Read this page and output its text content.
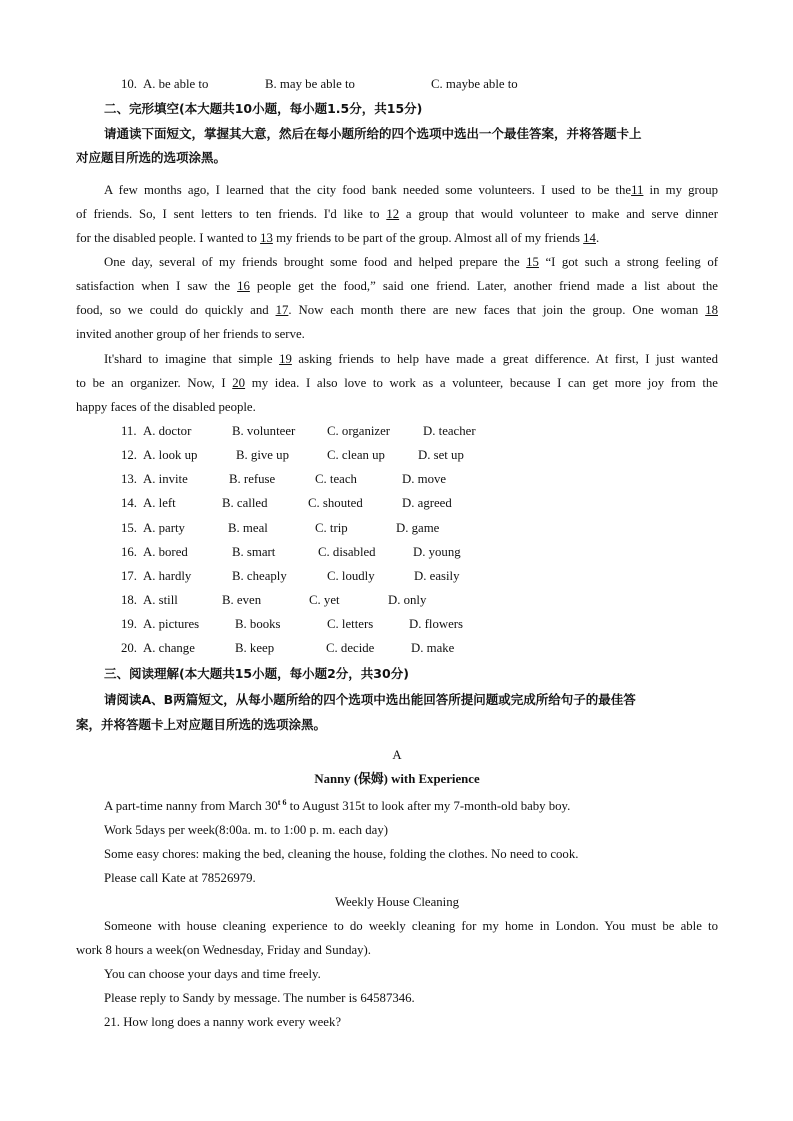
10. A. be able to	B. may be able to	C. maybe able to
二、完形填空(本大题共10小题，每小题1.5分，共15分)
请通读下面短文，掌握其大意，然后在每小题所给的四个选项中选出一个最佳答案，并将答题卡上
对应题目所选的选项涂黑。
A few months ago, I learned that the city food bank needed some volunteers. I used to be the11 in my group
of friends. So, I sent letters to ten friends. I'd like to 12 a group that would volunteer to make and serve dinner
for the disabled people. I wanted to 13 my friends to be part of the group. Almost all of my friends 14.
One day, several of my friends brought some food and helped prepare the 15 “I got such a strong feeling of
satisfaction when I saw the 16 people get the food,” said one friend. Later, another friend made a list about the
food, so we could do quickly and 17. Now each month there are new faces that join the group. One woman 18
invited another group of her friends to serve.
It'shard to imagine that simple 19 asking friends to help have made a great difference. At first, I just wanted
to be an organizer. Now, I 20 my idea. I also love to work as a volunteer, because I can get more joy from the
happy faces of the disabled people.
11. A. doctor	B. volunteer C. organizer	D. teacher
12. A. look up	B. give up	C. clean up	D. set up
13. A. invite	B. refuse	C. teach	D. move
14. A. left	B. called	C. shouted	D. agreed
15. A. party	B. meal	C. trip	D. game
16. A. bored	B. smart	C. disabled	D. young
17. A. hardly	B. cheaply	C. loudly	D. easily
18. A. still	B. even	C. yet	D. only
19. A. pictures	B. books	C. letters	D. flowers
20. A. change	B. keep	C. decide	D. make
三、阅读理解(本大题共15小题，每小题2分，共30分)
请阅读A、B两篇短文，从每小题所给的四个选项中选出能回答所提问题或完成所给句子的最佳答
案，并将答题卡上对应题目所选的选项涂黑。
A
Nanny (保姆) with Experience
A part-time nanny from March $30^{t 6}$ to August 315t to look after my 7-month-old baby boy.
Work 5days per week(8:00a. m. to 1:00 p. m. each day)
Some easy chores: making the bed, cleaning the house, folding the clothes. No need to cook.
Please call Kate at 78526979.
Weekly House Cleaning
Someone with house cleaning experience to do weekly cleaning for my home in London. You must be able to
work 8 hours a week(on Wednesday, Friday and Sunday).
You can choose your days and time freely.
Please reply to Sandy by message. The number is 64587346.
21. How long does a nanny work every week?
